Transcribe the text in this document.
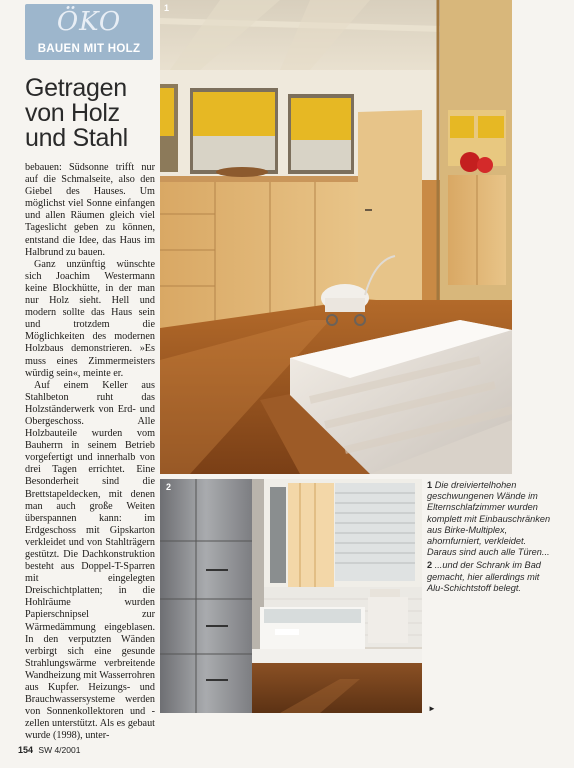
ÖKO
BAUEN MIT HOLZ
Getragen von Holz und Stahl

bebauen: Südsonne trifft nur auf die Schmalseite, also den Giebel des Hauses. Um möglichst viel Sonne einfangen und allen Räumen gleich viel Tageslicht geben zu können, entstand die Idee, das Haus im Halbrund zu bauen.

Ganz unzünftig wünschte sich Joachim Westermann keine Blockhütte, in der man nur Holz sieht. Hell und modern sollte das Haus sein und trotzdem die Möglichkeiten des modernen Holzbaus demonstrieren. »Es muss eines Zimmermeisters würdig sein«, meinte er.

Auf einem Keller aus Stahlbeton ruht das Holzständerwerk von Erd- und Obergeschoss. Alle Holzbauteile wurden vom Bauherrn in seinem Betrieb vorgefertigt und innerhalb von drei Tagen errichtet. Eine Besonderheit sind die Brettstapeldecken, mit denen man auch große Weiten überspannen kann: im Erdgeschoss mit Gipskarton verkleidet und von Stahlträgern gestützt. Die Dachkonstruktion besteht aus Doppel-T-Sparren mit eingelegten Dreischichtplatten; in die Hohlräume wurden Papierschnipsel zur Wärmedämmung eingeblasen. In den verputzten Wänden verbirgt sich eine gesunde Strahlungswärme verbreitende Wandheizung mit Wasserrohren aus Kupfer. Heizungs- und Brauchwassersysteme werden von Sonnenkollektoren und -zellen unterstützt. Als es gebaut wurde (1998), unter-

1
2	1 Die dreiviertelhohen geschwungenen Wände im Elternschlafzimmer wurden komplett mit Einbauschränken aus Birke-Multiplex, ahornfurniert, verkleidet. Daraus sind auch alle Türen...

2 ...und der Schrank im Bad gemacht, hier allerdings mit Alu-Schichtstoff belegt.

►
154 SW 4/2001
